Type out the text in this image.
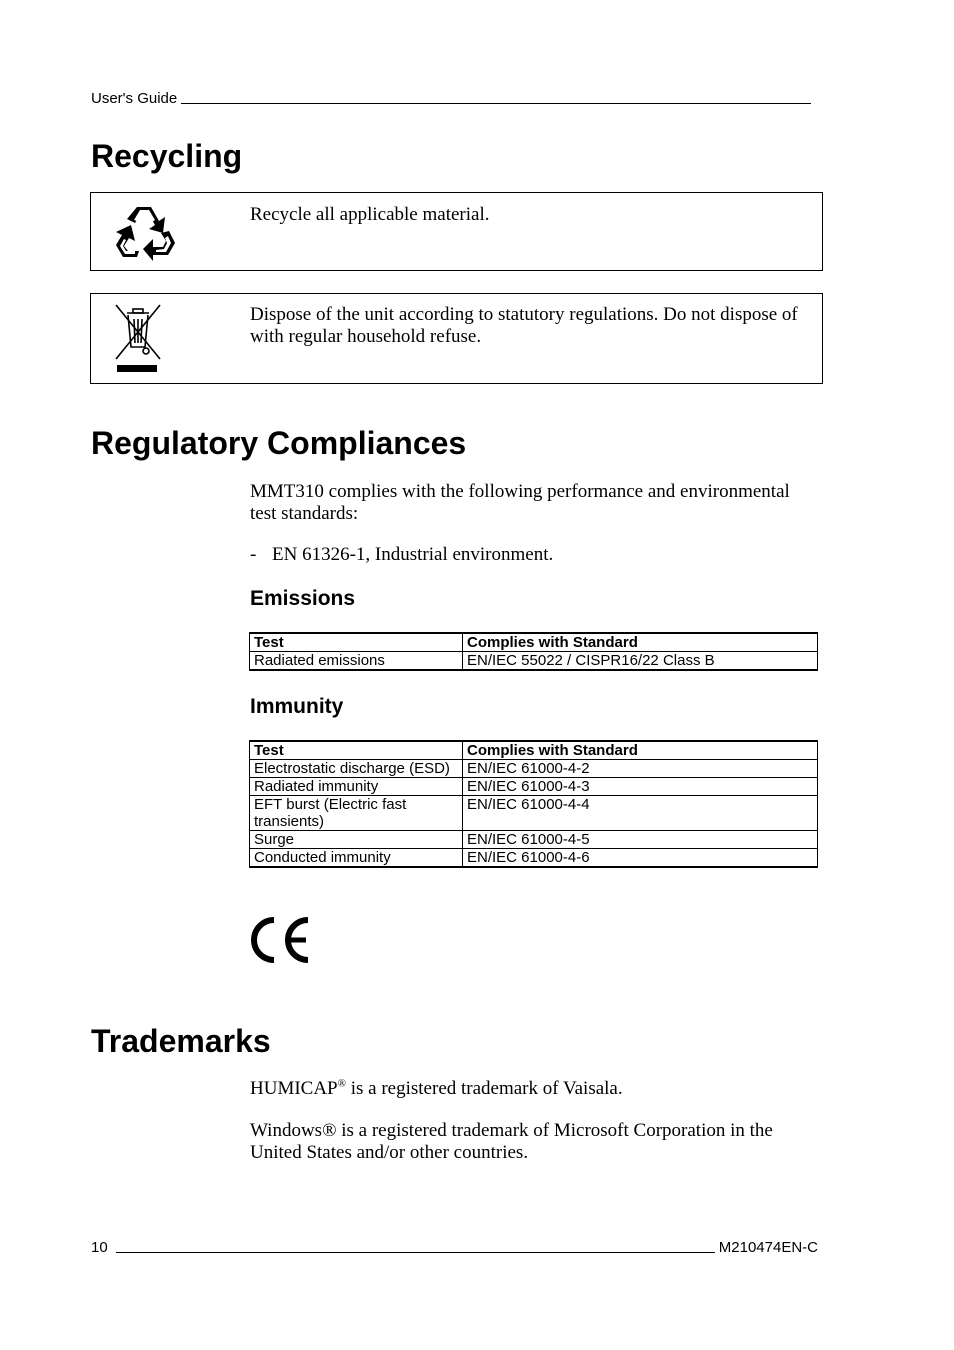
User's Guide
Recycling
Recycle all applicable material.
Dispose of the unit according to statutory regulations. Do not dispose of with regular household refuse.
Regulatory Compliances

MMT310 complies with the following performance and environmental test standards:

- EN 61326-1, Industrial environment.
Emissions
Test	Complies with Standard
Radiated emissions	EN/IEC 55022 / CISPR16/22 Class B
Immunity
Test	Complies with Standard
Electrostatic discharge (ESD)	EN/IEC 61000-4-2
Radiated immunity	EN/IEC 61000-4-3
EFT burst (Electric fast transients)	EN/IEC 61000-4-4
Surge	EN/IEC 61000-4-5
Conducted immunity	EN/IEC 61000-4-6
Trademarks

HUMICAP® is a registered trademark of Vaisala.

Windows® is a registered trademark of Microsoft Corporation in the United States and/or other countries.

10	M210474EN-C
